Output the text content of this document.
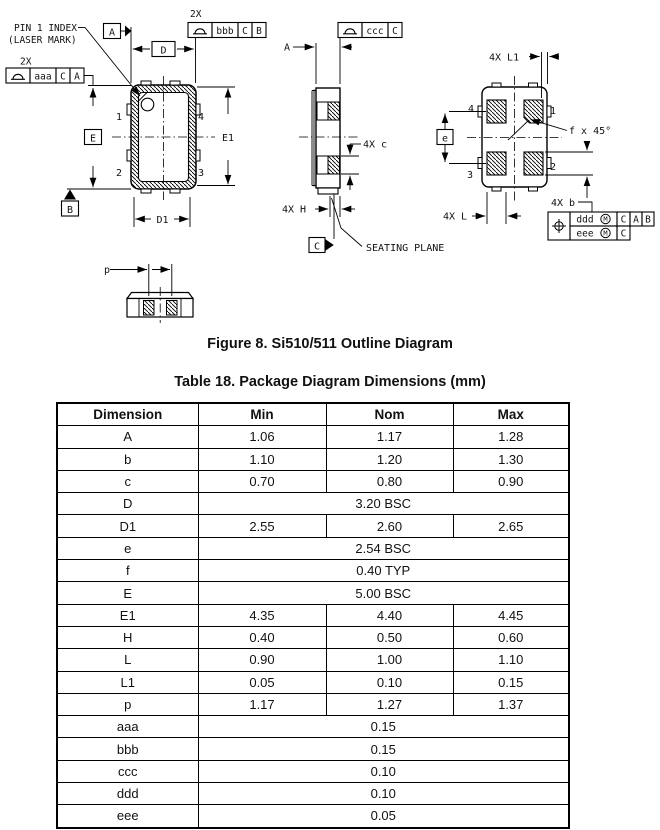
1
2	3
4
D
A
2X
bbb C B
2X
aaa C A
E
B
E1
D1
PIN 1 INDEX
(LASER MARK)
A
ccc C
4X c
4X H
C	SEATING PLANE
4	1
2
3
4X L1
e
f x 45°
4X L
4X b
ddd M C A B
eee M C
p
Figure 8. Si510/511 Outline Diagram
Table 18. Package Diagram Dimensions (mm)
Dimension	Min	Nom	Max
A	1.06	1.17	1.28
b	1.10	1.20	1.30
c	0.70	0.80	0.90
D	3.20 BSC		
D1	2.55	2.60	2.65
e	2.54 BSC		
f	0.40 TYP		
E	5.00 BSC		
E1	4.35	4.40	4.45
H	0.40	0.50	0.60
L	0.90	1.00	1.10
L1	0.05	0.10	0.15
p	1.17	1.27	1.37
aaa	0.15		
bbb	0.15		
ccc	0.10		
ddd	0.10		
eee	0.05		
